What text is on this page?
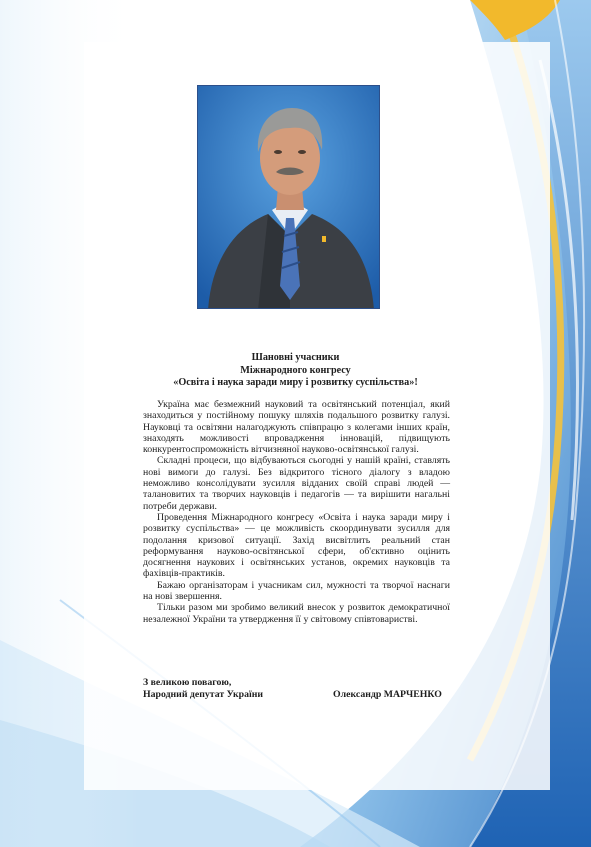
Шановні учасники
Міжнародного конгресу
«Освіта і наука заради миру і розвитку суспільства»!

Україна має безмежний науковий та освітянський потенціал, який знаходиться у постійному пошуку шляхів подальшого розвитку галузі. Науковці та освітяни налагоджують співпрацю з колегами інших країн, знаходять можливості впровадження інновацій, підвищують конкурентоспроможність вітчизняної науково-освітянської галузі.

Складні процеси, що відбуваються сьогодні у нашій країні, ставлять нові вимоги до галузі. Без відкритого тісного діалогу з владою неможливо консолідувати зусилля відданих своїй справі людей — талановитих та творчих науковців і педагогів — та вирішити нагальні потреби держави.

Проведення Міжнародного конгресу «Освіта і наука заради миру і розвитку суспільства» — це можливість скоординувати зусилля для подолання кризової ситуації. Захід висвітлить реальний стан реформування науково-освітянської сфери, об'єктивно оцінить досягнення наукових і освітянських установ, окремих науковців та фахівців-практиків.

Бажаю організаторам і учасникам сил, мужності та творчої наснаги на нові звершення.

Тільки разом ми зробимо великий внесок у розвиток демократичної незалежної України та утвердження її у світовому співтоваристві.

З великою повагою,
Народний депутат України	Олександр МАРЧЕНКО
